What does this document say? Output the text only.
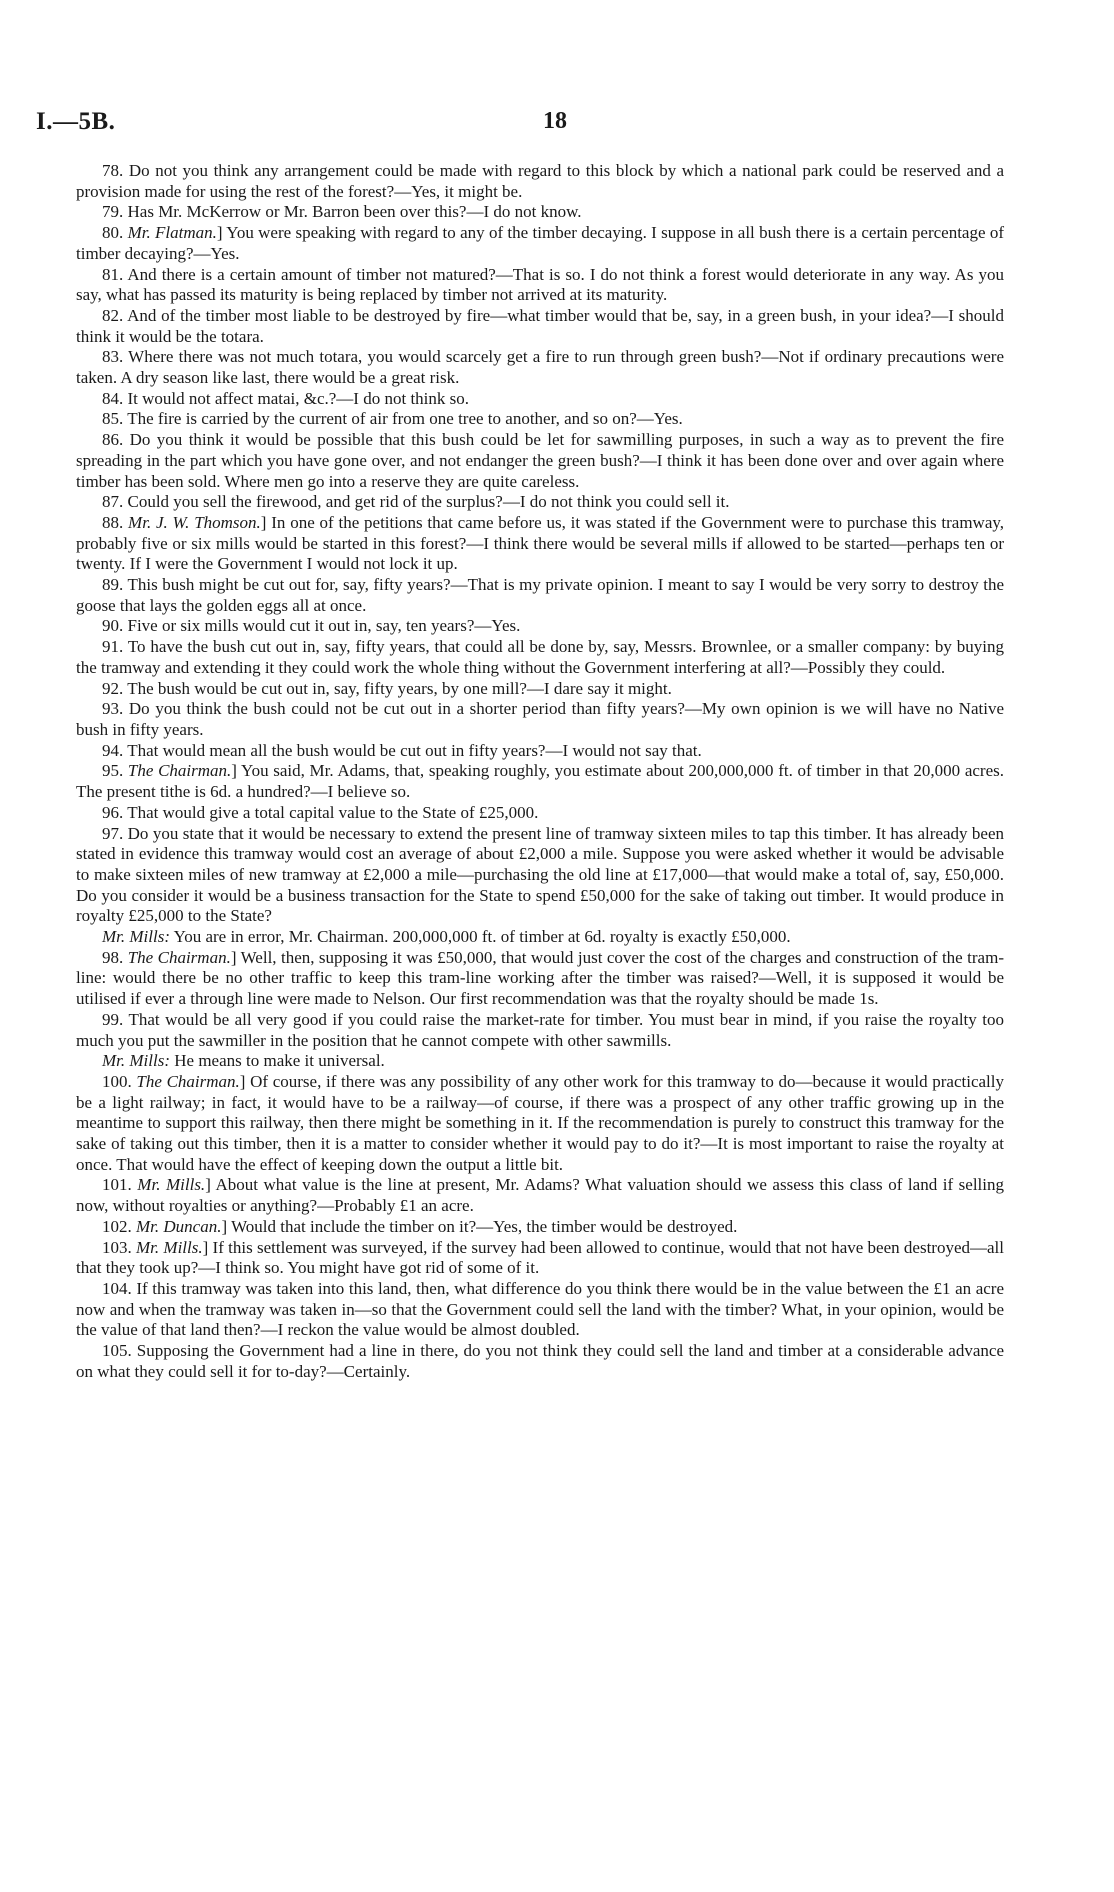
I.—5B.	18

78. Do not you think any arrangement could be made with regard to this block by which a national park could be reserved and a provision made for using the rest of the forest?—Yes, it might be.

79. Has Mr. McKerrow or Mr. Barron been over this?—I do not know.

80. Mr. Flatman.] You were speaking with regard to any of the timber decaying. I suppose in all bush there is a certain percentage of timber decaying?—Yes.

81. And there is a certain amount of timber not matured?—That is so. I do not think a forest would deteriorate in any way. As you say, what has passed its maturity is being replaced by timber not arrived at its maturity.

82. And of the timber most liable to be destroyed by fire—what timber would that be, say, in a green bush, in your idea?—I should think it would be the totara.

83. Where there was not much totara, you would scarcely get a fire to run through green bush?—Not if ordinary precautions were taken. A dry season like last, there would be a great risk.

84. It would not affect matai, &c.?—I do not think so.

85. The fire is carried by the current of air from one tree to another, and so on?—Yes.

86. Do you think it would be possible that this bush could be let for sawmilling purposes, in such a way as to prevent the fire spreading in the part which you have gone over, and not endanger the green bush?—I think it has been done over and over again where timber has been sold. Where men go into a reserve they are quite careless.

87. Could you sell the firewood, and get rid of the surplus?—I do not think you could sell it.

88. Mr. J. W. Thomson.] In one of the petitions that came before us, it was stated if the Government were to purchase this tramway, probably five or six mills would be started in this forest?—I think there would be several mills if allowed to be started—perhaps ten or twenty. If I were the Government I would not lock it up.

89. This bush might be cut out for, say, fifty years?—That is my private opinion. I meant to say I would be very sorry to destroy the goose that lays the golden eggs all at once.

90. Five or six mills would cut it out in, say, ten years?—Yes.

91. To have the bush cut out in, say, fifty years, that could all be done by, say, Messrs. Brownlee, or a smaller company: by buying the tramway and extending it they could work the whole thing without the Government interfering at all?—Possibly they could.

92. The bush would be cut out in, say, fifty years, by one mill?—I dare say it might.

93. Do you think the bush could not be cut out in a shorter period than fifty years?—My own opinion is we will have no Native bush in fifty years.

94. That would mean all the bush would be cut out in fifty years?—I would not say that.

95. The Chairman.] You said, Mr. Adams, that, speaking roughly, you estimate about 200,000,000 ft. of timber in that 20,000 acres. The present tithe is 6d. a hundred?—I believe so.

96. That would give a total capital value to the State of £25,000.

97. Do you state that it would be necessary to extend the present line of tramway sixteen miles to tap this timber. It has already been stated in evidence this tramway would cost an average of about £2,000 a mile. Suppose you were asked whether it would be advisable to make sixteen miles of new tramway at £2,000 a mile—purchasing the old line at £17,000—that would make a total of, say, £50,000. Do you consider it would be a business transaction for the State to spend £50,000 for the sake of taking out timber. It would produce in royalty £25,000 to the State?

Mr. Mills: You are in error, Mr. Chairman. 200,000,000 ft. of timber at 6d. royalty is exactly £50,000.

98. The Chairman.] Well, then, supposing it was £50,000, that would just cover the cost of the charges and construction of the tram-line: would there be no other traffic to keep this tram-line working after the timber was raised?—Well, it is supposed it would be utilised if ever a through line were made to Nelson. Our first recommendation was that the royalty should be made 1s.

99. That would be all very good if you could raise the market-rate for timber. You must bear in mind, if you raise the royalty too much you put the sawmiller in the position that he cannot compete with other sawmills.

Mr. Mills: He means to make it universal.

100. The Chairman.] Of course, if there was any possibility of any other work for this tramway to do—because it would practically be a light railway; in fact, it would have to be a railway—of course, if there was a prospect of any other traffic growing up in the meantime to support this railway, then there might be something in it. If the recommendation is purely to construct this tramway for the sake of taking out this timber, then it is a matter to consider whether it would pay to do it?—It is most important to raise the royalty at once. That would have the effect of keeping down the output a little bit.

101. Mr. Mills.] About what value is the line at present, Mr. Adams? What valuation should we assess this class of land if selling now, without royalties or anything?—Probably £1 an acre.

102. Mr. Duncan.] Would that include the timber on it?—Yes, the timber would be destroyed.

103. Mr. Mills.] If this settlement was surveyed, if the survey had been allowed to continue, would that not have been destroyed—all that they took up?—I think so. You might have got rid of some of it.

104. If this tramway was taken into this land, then, what difference do you think there would be in the value between the £1 an acre now and when the tramway was taken in—so that the Government could sell the land with the timber? What, in your opinion, would be the value of that land then?—I reckon the value would be almost doubled.

105. Supposing the Government had a line in there, do you not think they could sell the land and timber at a considerable advance on what they could sell it for to-day?—Certainly.
